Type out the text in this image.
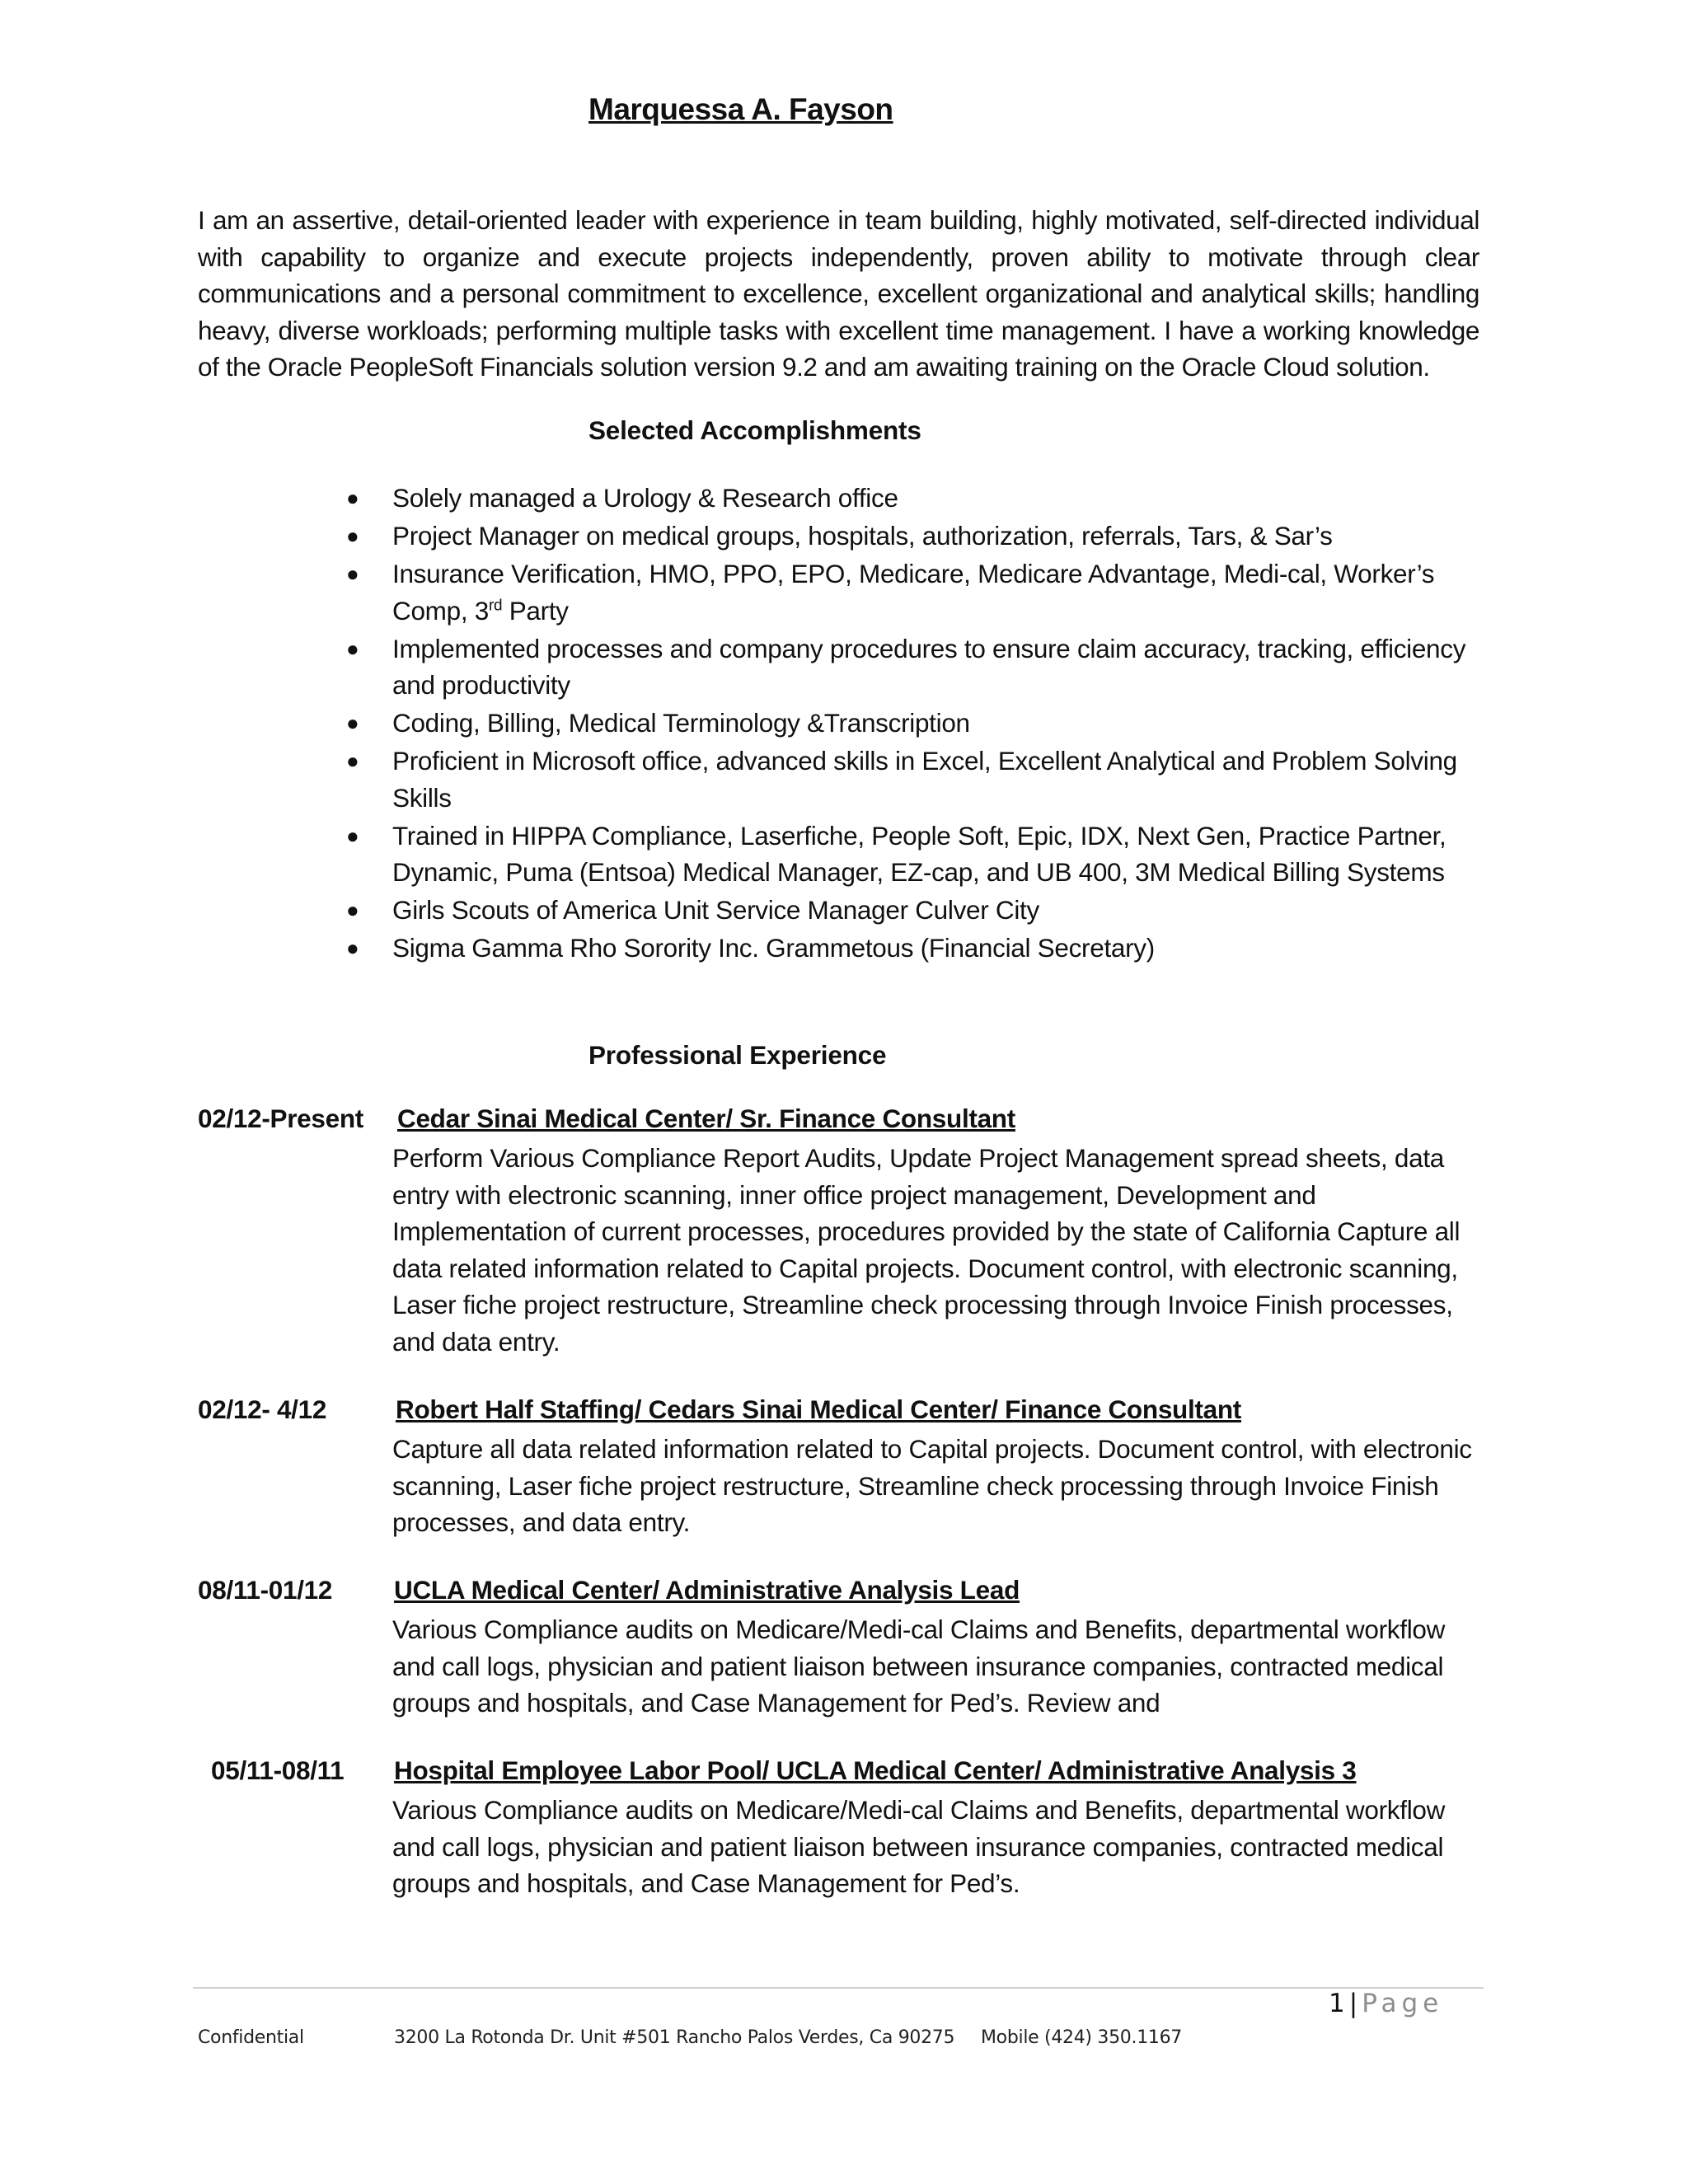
Marquessa A. Fayson
I am an assertive, detail-oriented leader with experience in team building, highly motivated, self-directed individual with capability to organize and execute projects independently, proven ability to motivate through clear communications and a personal commitment to excellence, excellent organizational and analytical skills; handling heavy, diverse workloads; performing multiple tasks with excellent time management. I have a working knowledge of the Oracle PeopleSoft Financials solution version 9.2 and am awaiting training on the Oracle Cloud solution.
Selected Accomplishments
● Solely managed a Urology & Research office
● Project Manager on medical groups, hospitals, authorization, referrals, Tars, & Sar’s
● Insurance Verification, HMO, PPO, EPO, Medicare, Medicare Advantage, Medi-cal, Worker’s Comp, 3rd Party
● Implemented processes and company procedures to ensure claim accuracy, tracking, efficiency and productivity
● Coding, Billing, Medical Terminology &Transcription
● Proficient in Microsoft office, advanced skills in Excel, Excellent Analytical and Problem Solving Skills
● Trained in HIPPA Compliance, Laserfiche, People Soft, Epic, IDX, Next Gen, Practice Partner, Dynamic, Puma (Entsoa) Medical Manager, EZ-cap, and UB 400, 3M Medical Billing Systems
● Girls Scouts of America Unit Service Manager Culver City
● Sigma Gamma Rho Sorority Inc. Grammetous (Financial Secretary)
Professional Experience
02/12-Present Cedar Sinai Medical Center/ Sr. Finance Consultant
Perform Various Compliance Report Audits, Update Project Management spread sheets, data entry with electronic scanning, inner office project management, Development and Implementation of current processes, procedures provided by the state of California Capture all data related information related to Capital projects. Document control, with electronic scanning, Laser fiche project restructure, Streamline check processing through Invoice Finish processes, and data entry.
02/12- 4/12	Robert Half Staffing/ Cedars Sinai Medical Center/ Finance Consultant
Capture all data related information related to Capital projects. Document control, with electronic scanning, Laser fiche project restructure, Streamline check processing through Invoice Finish processes, and data entry.
08/11-01/12 UCLA Medical Center/ Administrative Analysis Lead
Various Compliance audits on Medicare/Medi-cal Claims and Benefits, departmental workflow and call logs, physician and patient liaison between insurance companies, contracted medical groups and hospitals, and Case Management for Ped’s. Review and
05/11-08/11 Hospital Employee Labor Pool/ UCLA Medical Center/ Administrative Analysis 3
Various Compliance audits on Medicare/Medi-cal Claims and Benefits, departmental workflow and call logs, physician and patient liaison between insurance companies, contracted medical groups and hospitals, and Case Management for Ped’s.
1 | Page
Confidential	3200 La Rotonda Dr. Unit #501 Rancho Palos Verdes, Ca 90275 Mobile (424) 350.1167
